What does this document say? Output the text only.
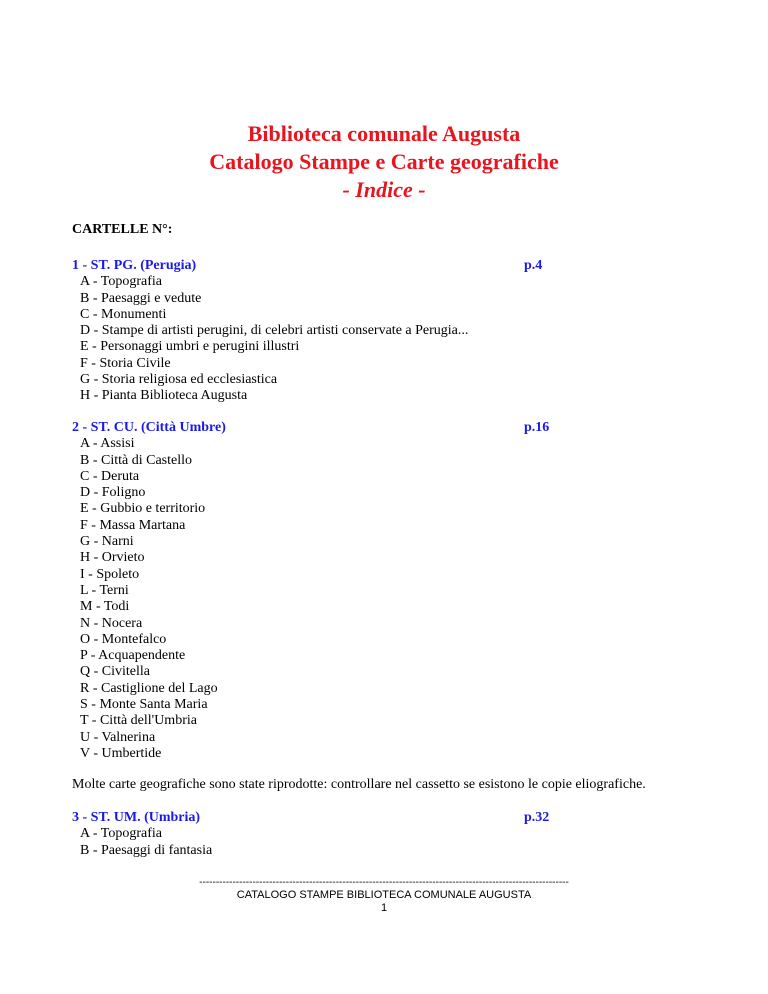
Biblioteca comunale Augusta
Catalogo Stampe e Carte geografiche
- Indice -
CARTELLE N°:
1 - ST. PG. (Perugia)	p.4
A - Topografia
B - Paesaggi e vedute
C - Monumenti
D - Stampe di artisti perugini, di celebri artisti conservate a Perugia...
E - Personaggi umbri e perugini illustri
F - Storia Civile
G - Storia religiosa ed ecclesiastica
H - Pianta Biblioteca Augusta
2 - ST. CU. (Città Umbre)	p.16
A - Assisi
B - Città di Castello
C - Deruta
D - Foligno
E - Gubbio e territorio
F - Massa Martana
G - Narni
H - Orvieto
I - Spoleto
L - Terni
M - Todi
N - Nocera
O - Montefalco
P - Acquapendente
Q - Civitella
R - Castiglione del Lago
S - Monte Santa Maria
T - Città dell'Umbria
U - Valnerina
V - Umbertide
Molte carte geografiche sono state riprodotte: controllare nel cassetto se esistono le copie eliografiche.
3 - ST. UM. (Umbria)	p.32
A - Topografia
B - Paesaggi di fantasia
---------------------------------------------------------------------------------------------------------------
CATALOGO STAMPE BIBLIOTECA COMUNALE AUGUSTA
1
